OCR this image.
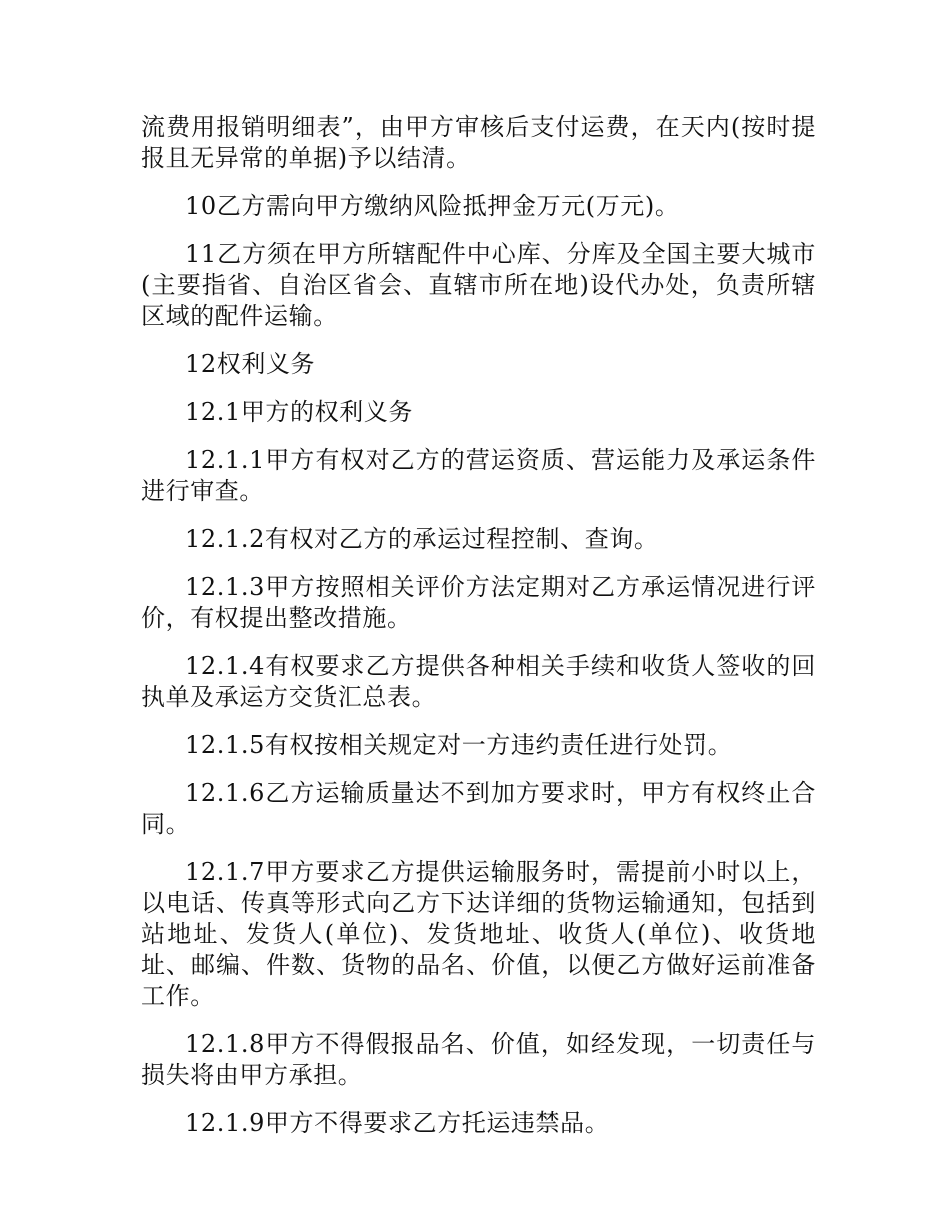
流费用报销明细表”，由甲方审核后支付运费，在天内(按时提报且无异常的单据)予以结清。

10乙方需向甲方缴纳风险抵押金万元(万元)。

11乙方须在甲方所辖配件中心库、分库及全国主要大城市(主要指省、自治区省会、直辖市所在地)设代办处，负责所辖区域的配件运输。

12权利义务

12.1甲方的权利义务

12.1.1甲方有权对乙方的营运资质、营运能力及承运条件进行审查。

12.1.2有权对乙方的承运过程控制、查询。

12.1.3甲方按照相关评价方法定期对乙方承运情况进行评价，有权提出整改措施。

12.1.4有权要求乙方提供各种相关手续和收货人签收的回执单及承运方交货汇总表。

12.1.5有权按相关规定对一方违约责任进行处罚。

12.1.6乙方运输质量达不到加方要求时，甲方有权终止合同。

12.1.7甲方要求乙方提供运输服务时，需提前小时以上，以电话、传真等形式向乙方下达详细的货物运输通知，包括到站地址、发货人(单位)、发货地址、收货人(单位)、收货地址、邮编、件数、货物的品名、价值，以便乙方做好运前准备工作。

12.1.8甲方不得假报品名、价值，如经发现，一切责任与损失将由甲方承担。

12.1.9甲方不得要求乙方托运违禁品。
